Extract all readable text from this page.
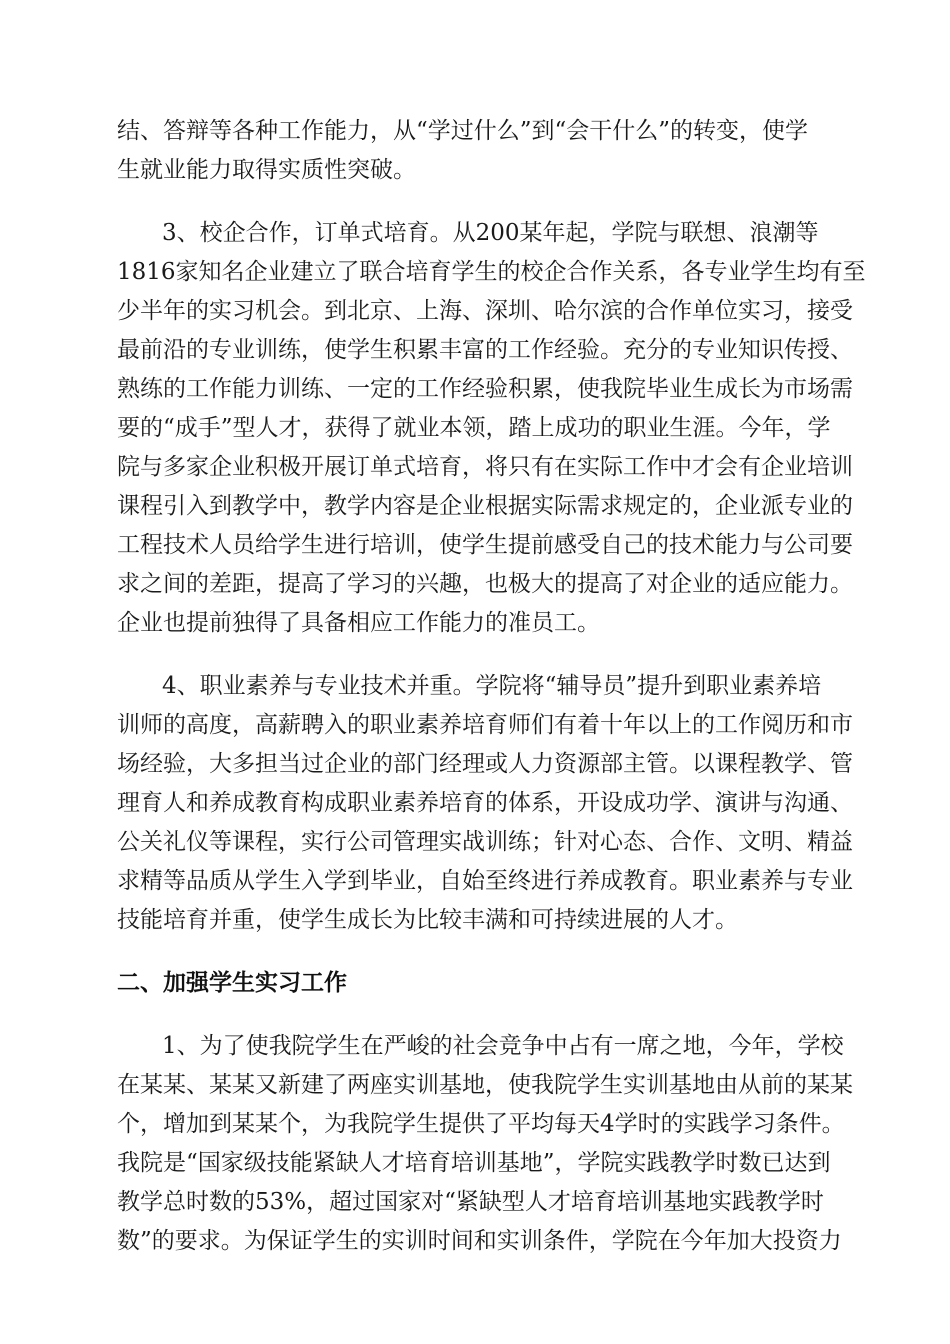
结、答辩等各种工作能力，从“学过什么”到“会干什么”的转变，使学

生就业能力取得实质性突破。

3、校企合作，订单式培育。从200某年起，学院与联想、浪潮等

1816家知名企业建立了联合培育学生的校企合作关系，各专业学生均有至

少半年的实习机会。到北京、上海、深圳、哈尔滨的合作单位实习，接受

最前沿的专业训练，使学生积累丰富的工作经验。充分的专业知识传授、

熟练的工作能力训练、一定的工作经验积累，使我院毕业生成长为市场需

要的“成手”型人才，获得了就业本领，踏上成功的职业生涯。今年，学

院与多家企业积极开展订单式培育，将只有在实际工作中才会有企业培训

课程引入到教学中，教学内容是企业根据实际需求规定的，企业派专业的

工程技术人员给学生进行培训，使学生提前感受自己的技术能力与公司要

求之间的差距，提高了学习的兴趣，也极大的提高了对企业的适应能力。

企业也提前独得了具备相应工作能力的准员工。

4、职业素养与专业技术并重。学院将“辅导员”提升到职业素养培

训师的高度，高薪聘入的职业素养培育师们有着十年以上的工作阅历和市

场经验，大多担当过企业的部门经理或人力资源部主管。以课程教学、管

理育人和养成教育构成职业素养培育的体系，开设成功学、演讲与沟通、

公关礼仪等课程，实行公司管理实战训练；针对心态、合作、文明、精益

求精等品质从学生入学到毕业，自始至终进行养成教育。职业素养与专业

技能培育并重，使学生成长为比较丰满和可持续进展的人才。

二、加强学生实习工作

1、为了使我院学生在严峻的社会竞争中占有一席之地，今年，学校

在某某、某某又新建了两座实训基地，使我院学生实训基地由从前的某某

个，增加到某某个，为我院学生提供了平均每天4学时的实践学习条件。

我院是“国家级技能紧缺人才培育培训基地”，学院实践教学时数已达到

教学总时数的53%，超过国家对“紧缺型人才培育培训基地实践教学时

数”的要求。为保证学生的实训时间和实训条件，学院在今年加大投资力
